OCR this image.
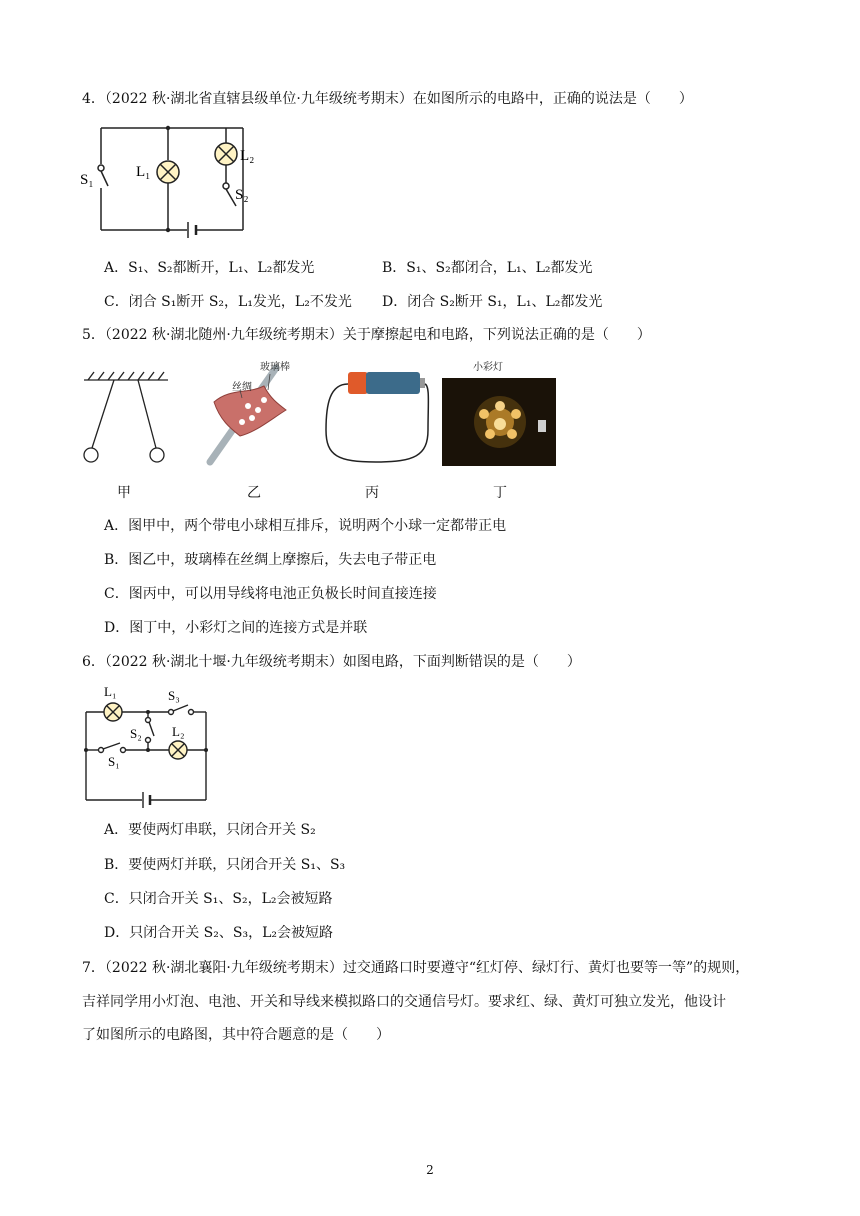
4．（2022 秋·湖北省直辖县级单位·九年级统考期末）在如图所示的电路中，正确的说法是（　　）
S₁	L₁
L₂
S₂
A．S₁、S₂都断开，L₁、L₂都发光	B．S₁、S₂都闭合，L₁、L₂都发光
C．闭合 S₁断开 S₂，L₁发光，L₂不发光 D．闭合 S₂断开 S₁，L₁、L₂都发光
5．（2022 秋·湖北随州·九年级统考期末）关于摩擦起电和电路，下列说法正确的是（　　）
玻璃棒
丝绸
小彩灯
甲	乙	丙	丁
A．图甲中，两个带电小球相互排斥，说明两个小球一定都带正电
B．图乙中，玻璃棒在丝绸上摩擦后，失去电子带正电
C．图丙中，可以用导线将电池正负极长时间直接连接
D．图丁中，小彩灯之间的连接方式是并联
6．（2022 秋·湖北十堰·九年级统考期末）如图电路，下面判断错误的是（　　）
L₁	S₃
S₂ L₂
S₁
A．要使两灯串联，只闭合开关 S₂
B．要使两灯并联，只闭合开关 S₁、S₃
C．只闭合开关 S₁、S₂，L₂会被短路
D．只闭合开关 S₂、S₃，L₂会被短路
7．（2022 秋·湖北襄阳·九年级统考期末）过交通路口时要遵守“红灯停、绿灯行、黄灯也要等一等”的规则，
吉祥同学用小灯泡、电池、开关和导线来模拟路口的交通信号灯。要求红、绿、黄灯可独立发光，他设计
了如图所示的电路图，其中符合题意的是（　　）
2
